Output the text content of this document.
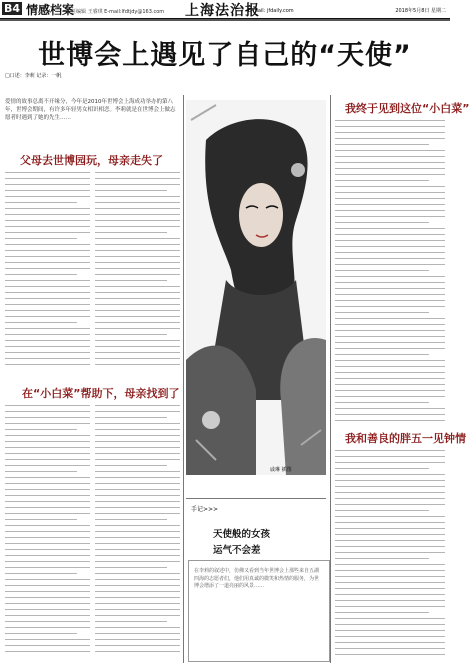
B4 情感档案
责任编辑 王睿琪 E-mail:lfdtjdy@163.com 上海法治报
E-mail: jfdaily.com	2018年5月8日 星期二
世博会上遇见了自己的“天使”
□口述：李莉 记录：一帆
爱情的故事总离不开缘分，今年是2010年世博会上海成功举办的第八年，世博会期间，有许多年轻男女相识相恋。李莉就是在世博会上做志愿者时遇到了她的先生……
父母去世博园玩，母亲走失了
在“小白菜”帮助下，母亲找到了
戚琳 插图
手记>>>
天使般的女孩
运气不会差
在李莉的叙述中，仿佛又看到当年世博会上那些来自五湖四海的志愿者们，他们用真诚的微笑和热情的服务，为世博会增添了一道亮丽的风景……
我终于见到这位“小白菜”
我和善良的胖五一见钟情
